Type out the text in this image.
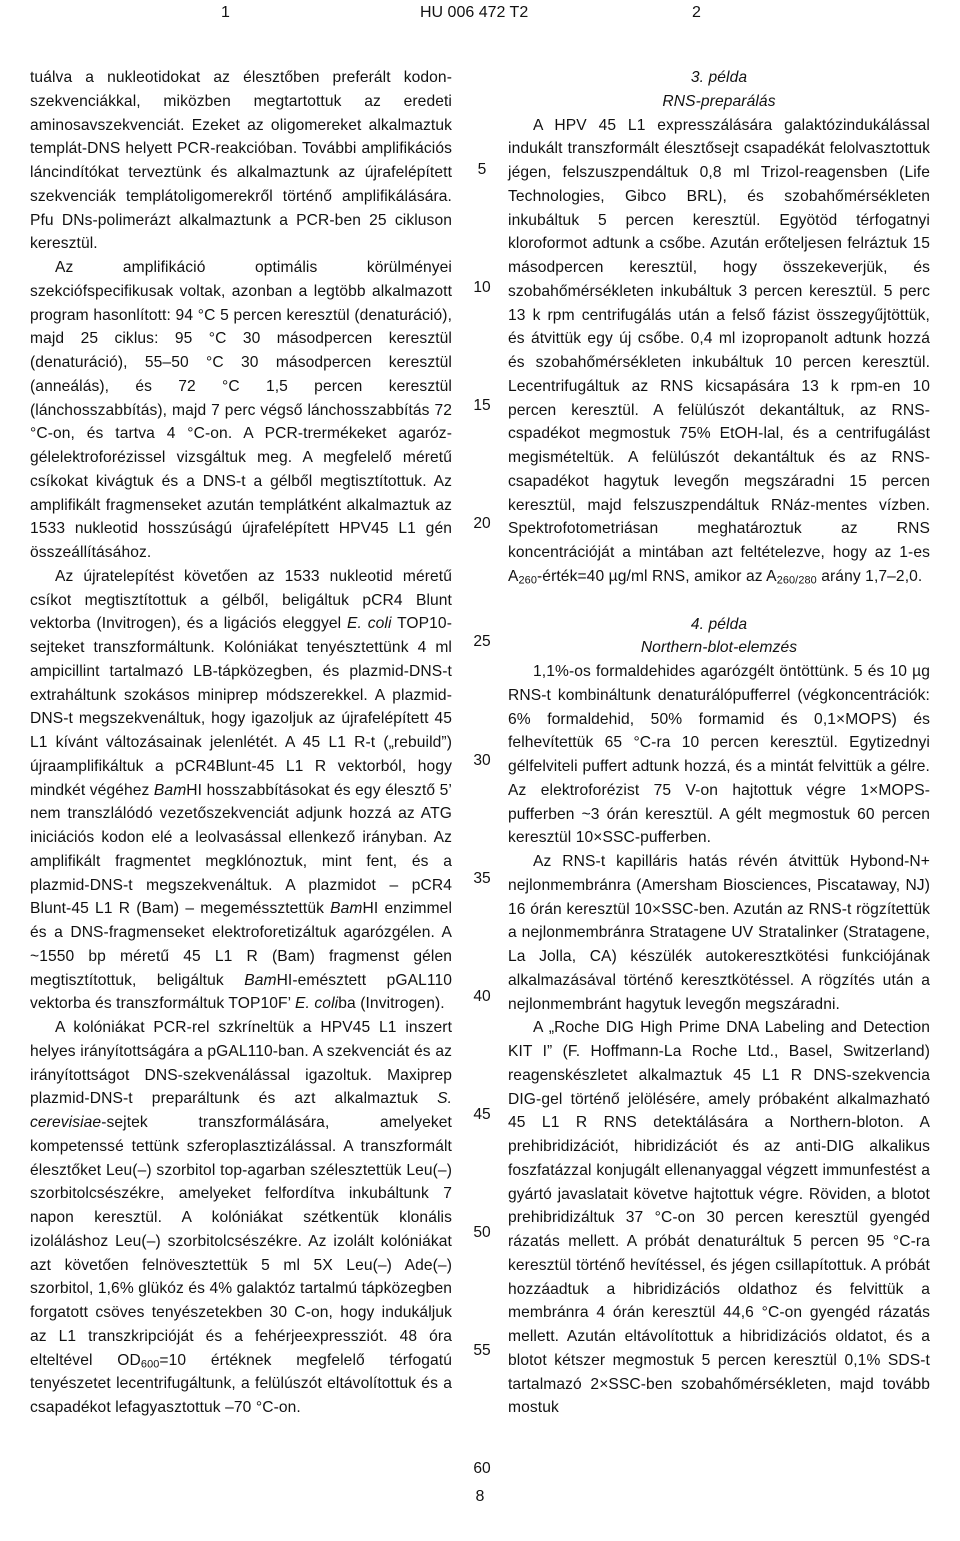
1	HU 006 472 T2	2

tuálva a nukleotidokat az élesztőben preferált kodon-szekvenciákkal, miközben megtartottuk az eredeti aminosavszekvenciát. Ezeket az oligomereket alkalmaztuk templát-DNS helyett PCR-reakcióban. További amplifikációs láncindítókat terveztünk és alkalmaztunk az újrafelépített szekvenciák templátoligomerekről történő amplifikálására. Pfu DNs-polimerázt alkalmaztunk a PCR-ben 25 cikluson keresztül.

Az amplifikáció optimális körülményei szekciófspecifikusak voltak, azonban a legtöbb alkalmazott program hasonlított: 94 °C 5 percen keresztül (denaturáció), majd 25 ciklus: 95 °C 30 másodpercen keresztül (denaturáció), 55–50 °C 30 másodpercen keresztül (anneálás), és 72 °C 1,5 percen keresztül (lánchosszabbítás), majd 7 perc végső lánchosszabbítás 72 °C-on, és tartva 4 °C-on. A PCR-trermékeket agaróz-gélelektroforézissel vizsgáltuk meg. A megfelelő méretű csíkokat kivágtuk és a DNS-t a gélből megtisztítottuk. Az amplifikált fragmenseket azután templátként alkalmaztuk az 1533 nukleotid hosszúságú újrafelépített HPV45 L1 gén összeállításához.

Az újratelepítést követően az 1533 nukleotid méretű csíkot megtisztítottuk a gélből, beligáltuk pCR4 Blunt vektorba (Invitrogen), és a ligációs eleggyel E. coli TOP10-sejteket transzformáltunk. Kolóniákat tenyésztettünk 4 ml ampicillint tartalmazó LB-tápközegben, és plazmid-DNS-t extraháltunk szokásos miniprep módszerekkel. A plazmid-DNS-t megszekvenáltuk, hogy igazoljuk az újrafelépített 45 L1 kívánt változásainak jelenlétét. A 45 L1 R-t („rebuild”) újraamplifikáltuk a pCR4Blunt-45 L1 R vektorból, hogy mindkét végéhez BamHI hosszabbításokat és egy élesztő 5’ nem transzlálódó vezetőszekvenciát adjunk hozzá az ATG iniciációs kodon elé a leolvasással ellenkező irányban. Az amplifikált fragmentet megklónoztuk, mint fent, és a plazmid-DNS-t megszekvenáltuk. A plazmidot – pCR4 Blunt-45 L1 R (Bam) – megeméssztettük BamHI enzimmel és a DNS-fragmenseket elektroforetizáltuk agarózgélen. A ~1550 bp méretű 45 L1 R (Bam) fragmenst gélen megtisztítottuk, beligáltuk BamHI-emésztett pGAL110 vektorba és transzformáltuk TOP10F’ E. coliba (Invitrogen).

A kolóniákat PCR-rel szkríneltük a HPV45 L1 inszert helyes irányítottságára a pGAL110-ban. A szekvenciát és az irányítottságot DNS-szekvenálással igazoltuk. Maxiprep plazmid-DNS-t preparáltunk és azt alkalmaztuk S. cerevisiae-sejtek transzformálására, amelyeket kompetenssé tettünk szferoplasztizálással. A transzformált élesztőket Leu(–) szorbitol top-agarban szélesztettük Leu(–) szorbitolcsészékre, amelyeket felfordítva inkubáltunk 7 napon keresztül. A kolóniákat szétkentük klonális izoláláshoz Leu(–) szorbitolcsészékre. Az izolált kolóniákat azt követően felnövesztettük 5 ml 5X Leu(–) Ade(–) szorbitol, 1,6% glükóz és 4% galaktóz tartalmú tápközegben forgatott csöves tenyészetekben 30 C-on, hogy indukáljuk az L1 transzkripcióját és a fehérjeexpressziót. 48 óra elteltével $OD_{600}=10$ értéknek megfelelő térfogatú tenyészetet lecentrifugáltunk, a felülúszót eltávolítottuk és a csapadékot lefagyasztottuk –70 °C-on.

5
10
15
20
25
30
35
40
45
50
55
60
3. példa
RNS-preparálás

A HPV 45 L1 expresszálására galaktózindukálással indukált transzformált élesztősejt csapadékát felolvasztottuk jégen, felszuszpendáltuk 0,8 ml Trizol-reagensben (Life Technologies, Gibco BRL), és szobahőmérsékleten inkubáltuk 5 percen keresztül. Egyötöd térfogatnyi kloroformot adtunk a csőbe. Azután erőteljesen felráztuk 15 másodpercen keresztül, hogy összekeverjük, és szobahőmérsékleten inkubáltuk 3 percen keresztül. 5 perc 13 k rpm centrifugálás után a felső fázist összegyűjtöttük, és átvittük egy új csőbe. 0,4 ml izopropanolt adtunk hozzá és szobahőmérsékleten inkubáltuk 10 percen keresztül. Lecentrifugáltuk az RNS kicsapására 13 k rpm-en 10 percen keresztül. A felülúszót dekantáltuk, az RNS-cspadékot megmostuk 75% EtOH-lal, és a centrifugálást megismételtük. A felülúszót dekantáltuk és az RNS-csapadékot hagytuk levegőn megszáradni 15 percen keresztül, majd felszuszpendáltuk RNáz-mentes vízben. Spektrofotometriásan meghatároztuk az RNS koncentrációját a mintában azt feltételezve, hogy az 1-es $A_{260}-érték=40$ µg/ml RNS, amikor az $A_{260/280}$ arány 1,7–2,0.

4. példa
Northern-blot-elemzés

1,1%-os formaldehides agarózgélt öntöttünk. 5 és 10 µg RNS-t kombináltunk denaturálópufferrel (végkoncentrációk: 6% formaldehid, 50% formamid és 0,1×MOPS) és felhevítettük 65 °C-ra 10 percen keresztül. Egytizednyi gélfelviteli puffert adtunk hozzá, és a mintát felvittük a gélre. Az elektroforézist 75 V-on hajtottuk végre 1×MOPS-pufferben ~3 órán keresztül. A gélt megmostuk 60 percen keresztül 10×SSC-pufferben.

Az RNS-t kapilláris hatás révén átvittük Hybond-N+ nejlonmembránra (Amersham Biosciences, Piscataway, NJ) 16 órán keresztül 10×SSC-ben. Azután az RNS-t rögzítettük a nejlonmembránra Stratagene UV Stratalinker (Stratagene, La Jolla, CA) készülék autokeresztkötési funkciójának alkalmazásával történő keresztkötéssel. A rögzítés után a nejlonmembránt hagytuk levegőn megszáradni.

A „Roche DIG High Prime DNA Labeling and Detection KIT I” (F. Hoffmann-La Roche Ltd., Basel, Switzerland) reagenskészletet alkalmaztuk 45 L1 R DNS-szekvencia DIG-gel történő jelölésére, amely próbaként alkalmazható 45 L1 R RNS detektálására a Northern-bloton. A prehibridizációt, hibridizációt és az anti-DIG alkalikus foszfatázzal konjugált ellenanyaggal végzett immunfestést a gyártó javaslatait követve hajtottuk végre. Röviden, a blotot prehibridizáltuk 37 °C-on 30 percen keresztül gyengéd rázatás mellett. A próbát denaturáltuk 5 percen 95 °C-ra keresztül történő hevítéssel, és jégen csillapítottuk. A próbát hozzáadtuk a hibridizációs oldathoz és felvittük a membránra 4 órán keresztül 44,6 °C-on gyengéd rázatás mellett. Azután eltávolítottuk a hibridizációs oldatot, és a blotot kétszer megmostuk 5 percen keresztül 0,1% SDS-t tartalmazó 2×SSC-ben szobahőmérsékleten, majd tovább mostuk

8
